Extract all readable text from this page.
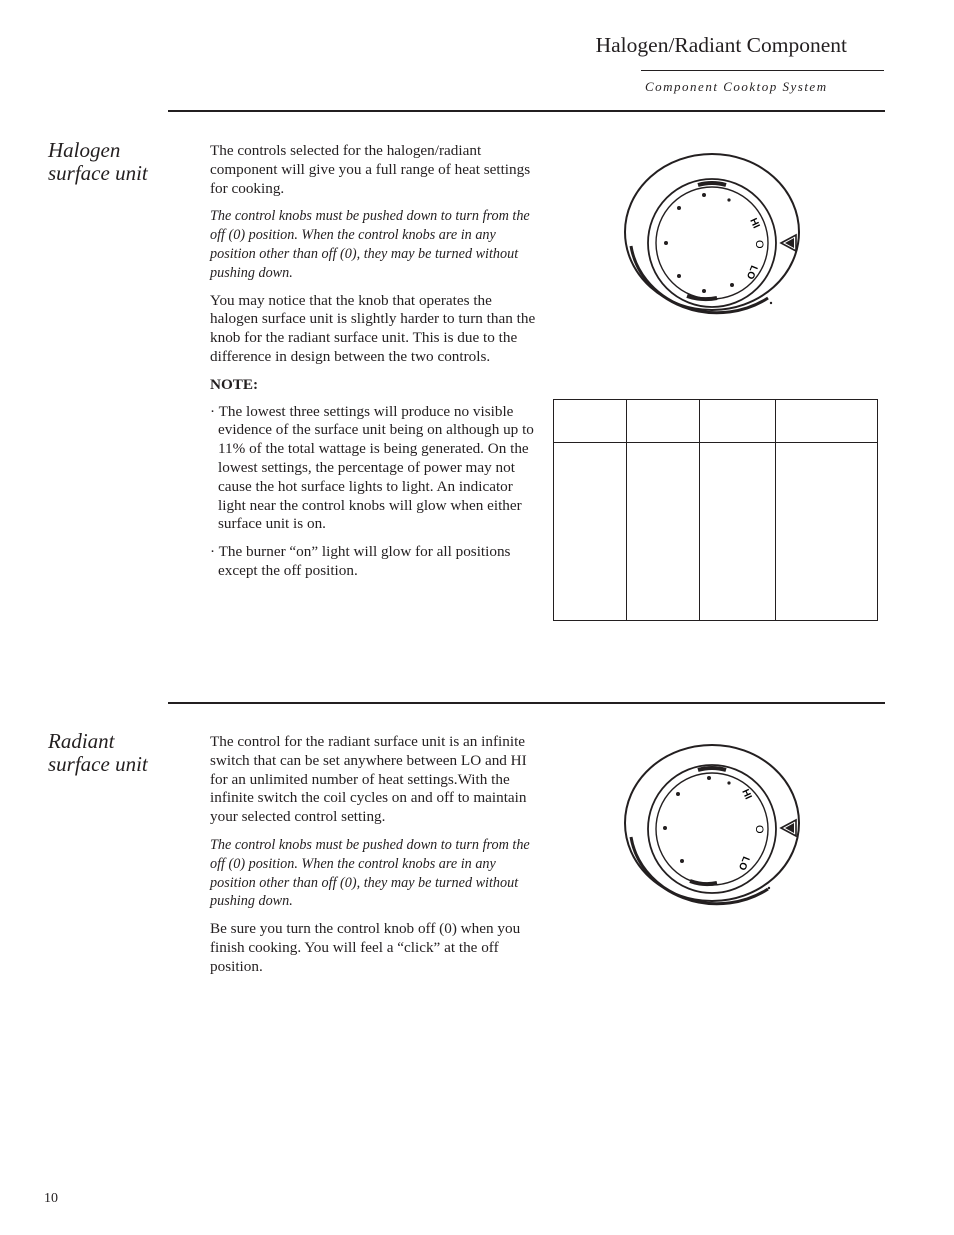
Halogen/Radiant Component
Component Cooktop System
Halogen
surface unit

The controls selected for the halogen/radiant component will give you a full range of heat settings for cooking.

The control knobs must be pushed down to turn from the off (0) position. When the control knobs are in any position other than off (0), they may be turned without pushing down.

You may notice that the knob that operates the halogen surface unit is slightly harder to turn than the knob for the radiant surface unit. This is due to the difference in design between the two controls.

NOTE:

· The lowest three settings will produce no visible evidence of the surface unit being on although up to 11% of the total wattage is being generated. On the lowest settings, the percentage of power may not cause the hot surface lights to light. An indicator light near the control knobs will glow when either surface unit is on.

· The burner “on” light will glow for all positions except the off position.

HI
O
LO

Radiant
surface unit

The control for the radiant surface unit is an infinite switch that can be set anywhere between LO and HI for an unlimited number of heat settings.With the infinite switch the coil cycles on and off to maintain your selected control setting.

The control knobs must be pushed down to turn from the off (0) position. When the control knobs are in any position other than off (0), they may be turned without pushing down.

Be sure you turn the control knob off (0) when you finish cooking. You will feel a “click” at the off position.

HI
O
LO
10
